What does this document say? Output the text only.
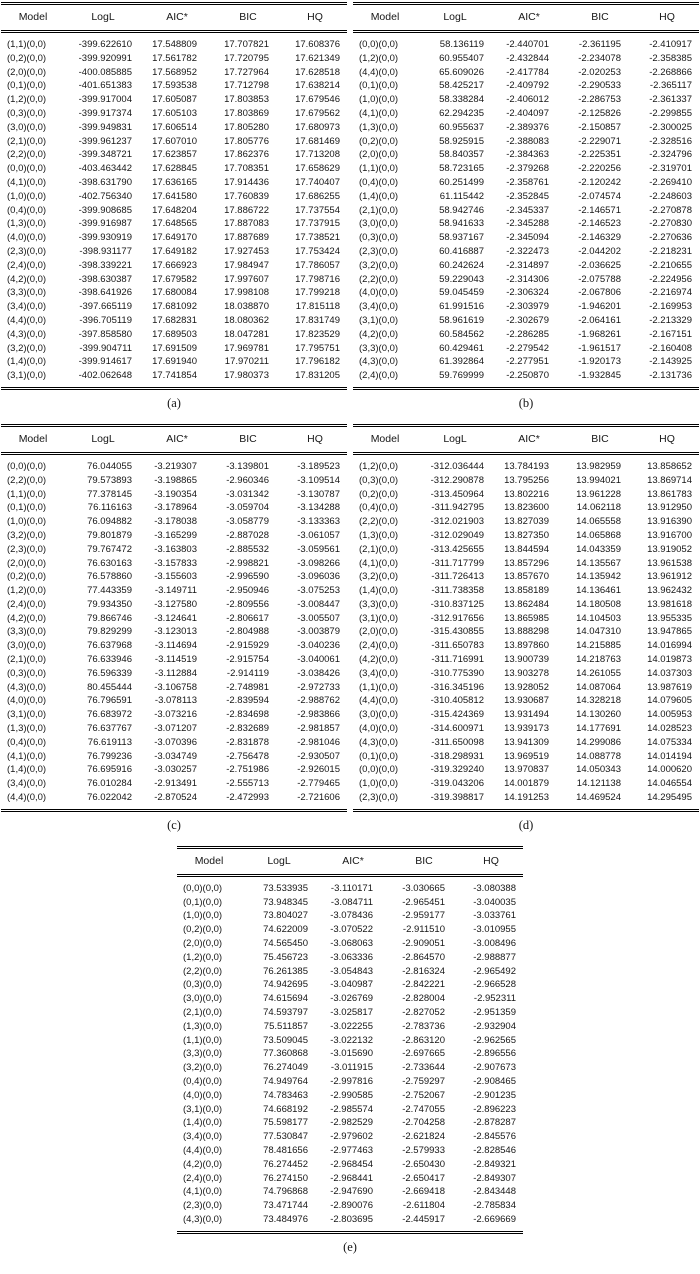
Model	LogL	AIC*	BIC	HQ
(1,1)(0,0)	-399.622610	17.548809	17.707821	17.608376
(0,2)(0,0)	-399.920991	17.561782	17.720795	17.621349
(2,0)(0,0)	-400.085885	17.568952	17.727964	17.628518
(0,1)(0,0)	-401.651383	17.593538	17.712798	17.638214
(1,2)(0,0)	-399.917004	17.605087	17.803853	17.679546
(0,3)(0,0)	-399.917374	17.605103	17.803869	17.679562
(3,0)(0,0)	-399.949831	17.606514	17.805280	17.680973
(2,1)(0,0)	-399.961237	17.607010	17.805776	17.681469
(2,2)(0,0)	-399.348721	17.623857	17.862376	17.713208
(0,0)(0,0)	-403.463442	17.628845	17.708351	17.658629
(4,1)(0,0)	-398.631790	17.636165	17.914436	17.740407
(1,0)(0,0)	-402.756340	17.641580	17.760839	17.686255
(0,4)(0,0)	-399.908685	17.648204	17.886722	17.737554
(1,3)(0,0)	-399.916987	17.648565	17.887083	17.737915
(4,0)(0,0)	-399.930919	17.649170	17.887689	17.738521
(2,3)(0,0)	-398.931177	17.649182	17.927453	17.753424
(2,4)(0,0)	-398.339221	17.666923	17.984947	17.786057
(4,2)(0,0)	-398.630387	17.679582	17.997607	17.798716
(3,3)(0,0)	-398.641926	17.680084	17.998108	17.799218
(3,4)(0,0)	-397.665119	17.681092	18.038870	17.815118
(4,4)(0,0)	-396.705119	17.682831	18.080362	17.831749
(4,3)(0,0)	-397.858580	17.689503	18.047281	17.823529
(3,2)(0,0)	-399.904711	17.691509	17.969781	17.795751
(1,4)(0,0)	-399.914617	17.691940	17.970211	17.796182
(3,1)(0,0)	-402.062648	17.741854	17.980373	17.831205
(a)
Model	LogL	AIC*	BIC	HQ
(0,0)(0,0)	58.136119	-2.440701	-2.361195	-2.410917
(1,2)(0,0)	60.955407	-2.432844	-2.234078	-2.358385
(4,4)(0,0)	65.609026	-2.417784	-2.020253	-2.268866
(0,1)(0,0)	58.425217	-2.409792	-2.290533	-2.365117
(1,0)(0,0)	58.338284	-2.406012	-2.286753	-2.361337
(4,1)(0,0)	62.294235	-2.404097	-2.125826	-2.299855
(1,3)(0,0)	60.955637	-2.389376	-2.150857	-2.300025
(0,2)(0,0)	58.925915	-2.388083	-2.229071	-2.328516
(2,0)(0,0)	58.840357	-2.384363	-2.225351	-2.324796
(1,1)(0,0)	58.723165	-2.379268	-2.220256	-2.319701
(0,4)(0,0)	60.251499	-2.358761	-2.120242	-2.269410
(1,4)(0,0)	61.115442	-2.352845	-2.074574	-2.248603
(2,1)(0,0)	58.942746	-2.345337	-2.146571	-2.270878
(3,0)(0,0)	58.941633	-2.345288	-2.146523	-2.270830
(0,3)(0,0)	58.937167	-2.345094	-2.146329	-2.270636
(2,3)(0,0)	60.416887	-2.322473	-2.044202	-2.218231
(3,2)(0,0)	60.242624	-2.314897	-2.036625	-2.210655
(2,2)(0,0)	59.229043	-2.314306	-2.075788	-2.224956
(4,0)(0,0)	59.045459	-2.306324	-2.067806	-2.216974
(3,4)(0,0)	61.991516	-2.303979	-1.946201	-2.169953
(3,1)(0,0)	58.961619	-2.302679	-2.064161	-2.213329
(4,2)(0,0)	60.584562	-2.286285	-1.968261	-2.167151
(3,3)(0,0)	60.429461	-2.279542	-1.961517	-2.160408
(4,3)(0,0)	61.392864	-2.277951	-1.920173	-2.143925
(2,4)(0,0)	59.769999	-2.250870	-1.932845	-2.131736
(b)
Model	LogL	AIC*	BIC	HQ
(0,0)(0,0)	76.044055	-3.219307	-3.139801	-3.189523
(2,2)(0,0)	79.573893	-3.198865	-2.960346	-3.109514
(1,1)(0,0)	77.378145	-3.190354	-3.031342	-3.130787
(0,1)(0,0)	76.116163	-3.178964	-3.059704	-3.134288
(1,0)(0,0)	76.094882	-3.178038	-3.058779	-3.133363
(3,2)(0,0)	79.801879	-3.165299	-2.887028	-3.061057
(2,3)(0,0)	79.767472	-3.163803	-2.885532	-3.059561
(2,0)(0,0)	76.630163	-3.157833	-2.998821	-3.098266
(0,2)(0,0)	76.578860	-3.155603	-2.996590	-3.096036
(1,2)(0,0)	77.443359	-3.149711	-2.950946	-3.075253
(2,4)(0,0)	79.934350	-3.127580	-2.809556	-3.008447
(4,2)(0,0)	79.866746	-3.124641	-2.806617	-3.005507
(3,3)(0,0)	79.829299	-3.123013	-2.804988	-3.003879
(3,0)(0,0)	76.637968	-3.114694	-2.915929	-3.040236
(2,1)(0,0)	76.633946	-3.114519	-2.915754	-3.040061
(0,3)(0,0)	76.596339	-3.112884	-2.914119	-3.038426
(4,3)(0,0)	80.455444	-3.106758	-2.748981	-2.972733
(4,0)(0,0)	76.796591	-3.078113	-2.839594	-2.988762
(3,1)(0,0)	76.683972	-3.073216	-2.834698	-2.983866
(1,3)(0,0)	76.637767	-3.071207	-2.832689	-2.981857
(0,4)(0,0)	76.619113	-3.070396	-2.831878	-2.981046
(4,1)(0,0)	76.799236	-3.034749	-2.756478	-2.930507
(1,4)(0,0)	76.695916	-3.030257	-2.751986	-2.926015
(3,4)(0,0)	76.010284	-2.913491	-2.555713	-2.779465
(4,4)(0,0)	76.022042	-2.870524	-2.472993	-2.721606
(c)
Model	LogL	AIC*	BIC	HQ
(1,2)(0,0)	-312.036444	13.784193	13.982959	13.858652
(0,3)(0,0)	-312.290878	13.795256	13.994021	13.869714
(0,2)(0,0)	-313.450964	13.802216	13.961228	13.861783
(0,4)(0,0)	-311.942795	13.823600	14.062118	13.912950
(2,2)(0,0)	-312.021903	13.827039	14.065558	13.916390
(1,3)(0,0)	-312.029049	13.827350	14.065868	13.916700
(2,1)(0,0)	-313.425655	13.844594	14.043359	13.919052
(4,1)(0,0)	-311.717799	13.857296	14.135567	13.961538
(3,2)(0,0)	-311.726413	13.857670	14.135942	13.961912
(1,4)(0,0)	-311.738358	13.858189	14.136461	13.962432
(3,3)(0,0)	-310.837125	13.862484	14.180508	13.981618
(3,1)(0,0)	-312.917656	13.865985	14.104503	13.955335
(2,0)(0,0)	-315.430855	13.888298	14.047310	13.947865
(2,4)(0,0)	-311.650783	13.897860	14.215885	14.016994
(4,2)(0,0)	-311.716991	13.900739	14.218763	14.019873
(3,4)(0,0)	-310.775390	13.903278	14.261055	14.037303
(1,1)(0,0)	-316.345196	13.928052	14.087064	13.987619
(4,4)(0,0)	-310.405812	13.930687	14.328218	14.079605
(3,0)(0,0)	-315.424369	13.931494	14.130260	14.005953
(4,0)(0,0)	-314.600971	13.939173	14.177691	14.028523
(4,3)(0,0)	-311.650098	13.941309	14.299086	14.075334
(0,1)(0,0)	-318.298931	13.969519	14.088778	14.014194
(0,0)(0,0)	-319.329240	13.970837	14.050343	14.000620
(1,0)(0,0)	-319.043206	14.001879	14.121138	14.046554
(2,3)(0,0)	-319.398817	14.191253	14.469524	14.295495
(d)
Model	LogL	AIC*	BIC	HQ
(0,0)(0,0)	73.533935	-3.110171	-3.030665	-3.080388
(0,1)(0,0)	73.948345	-3.084711	-2.965451	-3.040035
(1,0)(0,0)	73.804027	-3.078436	-2.959177	-3.033761
(0,2)(0,0)	74.622009	-3.070522	-2.911510	-3.010955
(2,0)(0,0)	74.565450	-3.068063	-2.909051	-3.008496
(1,2)(0,0)	75.456723	-3.063336	-2.864570	-2.988877
(2,2)(0,0)	76.261385	-3.054843	-2.816324	-2.965492
(0,3)(0,0)	74.942695	-3.040987	-2.842221	-2.966528
(3,0)(0,0)	74.615694	-3.026769	-2.828004	-2.952311
(2,1)(0,0)	74.593797	-3.025817	-2.827052	-2.951359
(1,3)(0,0)	75.511857	-3.022255	-2.783736	-2.932904
(1,1)(0,0)	73.509045	-3.022132	-2.863120	-2.962565
(3,3)(0,0)	77.360868	-3.015690	-2.697665	-2.896556
(3,2)(0,0)	76.274049	-3.011915	-2.733644	-2.907673
(0,4)(0,0)	74.949764	-2.997816	-2.759297	-2.908465
(4,0)(0,0)	74.783463	-2.990585	-2.752067	-2.901235
(3,1)(0,0)	74.668192	-2.985574	-2.747055	-2.896223
(1,4)(0,0)	75.598177	-2.982529	-2.704258	-2.878287
(3,4)(0,0)	77.530847	-2.979602	-2.621824	-2.845576
(4,4)(0,0)	78.481656	-2.977463	-2.579933	-2.828546
(4,2)(0,0)	76.274452	-2.968454	-2.650430	-2.849321
(2,4)(0,0)	76.274150	-2.968441	-2.650417	-2.849307
(4,1)(0,0)	74.796868	-2.947690	-2.669418	-2.843448
(2,3)(0,0)	73.471744	-2.890076	-2.611804	-2.785834
(4,3)(0,0)	73.484976	-2.803695	-2.445917	-2.669669
(e)
